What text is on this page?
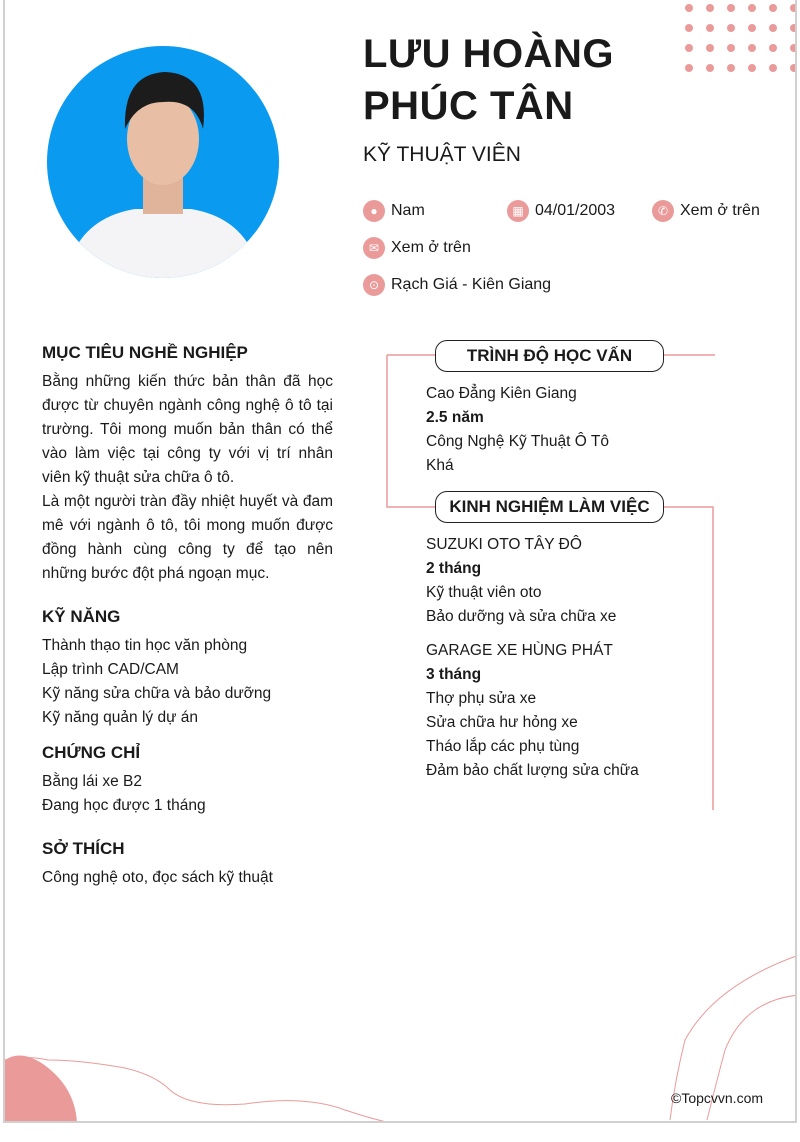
LƯU HOÀNG
PHÚC TÂN
KỸ THUẬT VIÊN
● Nam	▦ 04/01/2003	✆ Xem ở trên
✉ Xem ở trên
⊙ Rạch Giá - Kiên Giang
MỤC TIÊU NGHỀ NGHIỆP
Bằng những kiến thức bản thân đã học được từ chuyên ngành công nghệ ô tô tại trường. Tôi mong muốn bản thân có thể vào làm việc tại công ty với vị trí nhân viên kỹ thuật sửa chữa ô tô.
Là một người tràn đầy nhiệt huyết và đam mê với ngành ô tô, tôi mong muốn được đồng hành cùng công ty để tạo nên những bước đột phá ngoạn mục.
KỸ NĂNG
Thành thạo tin học văn phòng
Lập trình CAD/CAM
Kỹ năng sửa chữa và bảo dưỡng
Kỹ năng quản lý dự án
CHỨNG CHỈ
Bằng lái xe B2
Đang học được 1 tháng
SỞ THÍCH
Công nghệ oto, đọc sách kỹ thuật
TRÌNH ĐỘ HỌC VẤN
Cao Đẳng Kiên Giang
2.5 năm
Công Nghệ Kỹ Thuật Ô Tô
Khá
KINH NGHIỆM LÀM VIỆC
SUZUKI OTO TÂY ĐÔ
2 tháng
Kỹ thuật viên oto
Bảo dưỡng và sửa chữa xe
GARAGE XE HÙNG PHÁT
3 tháng
Thợ phụ sửa xe
Sửa chữa hư hỏng xe
Tháo lắp các phụ tùng
Đảm bảo chất lượng sửa chữa
©Topcvvn.com
